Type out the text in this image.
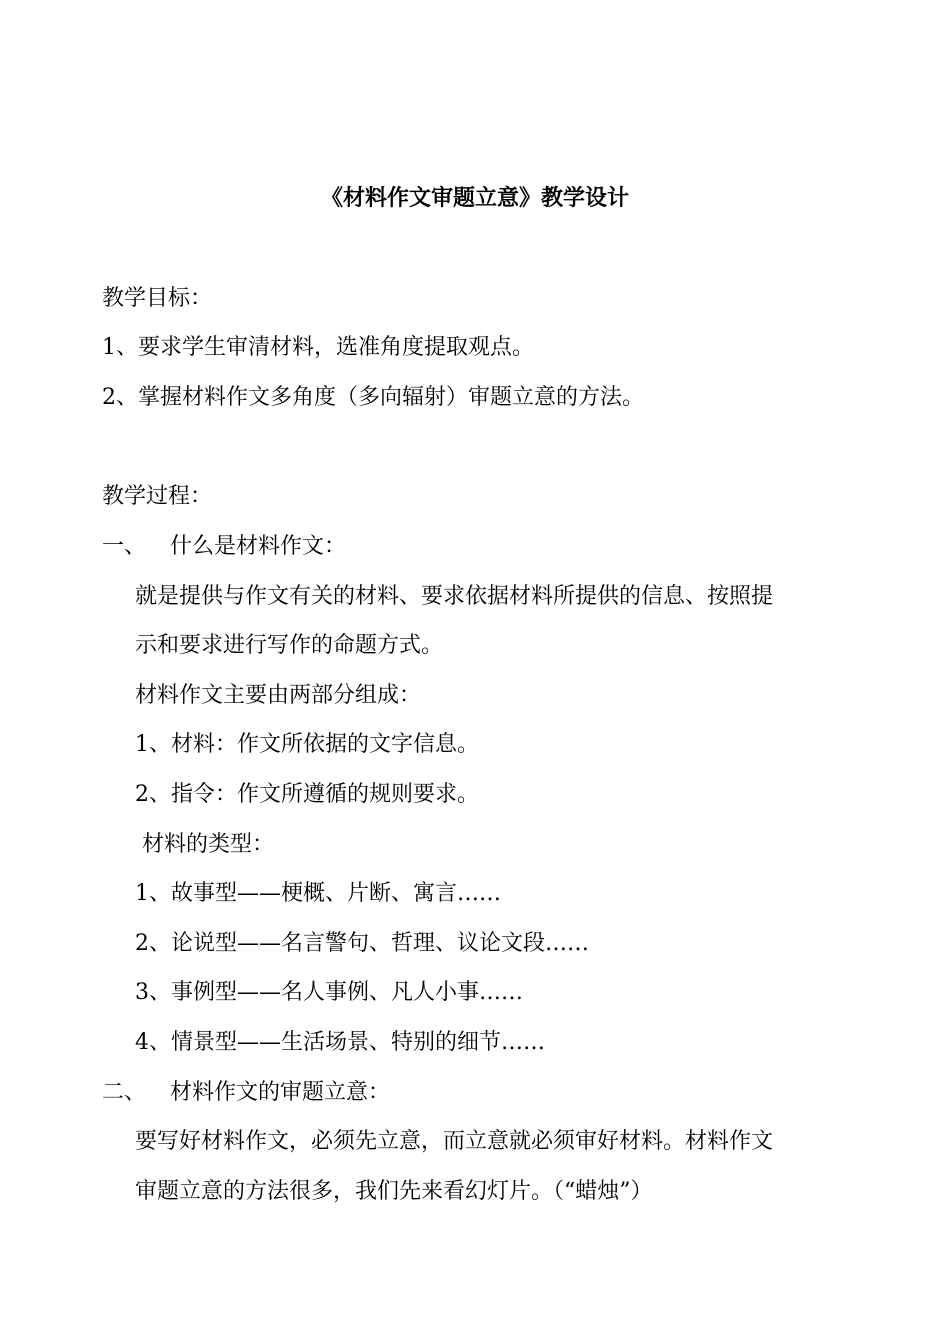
《材料作文审题立意》教学设计
教学目标：
1、要求学生审清材料，选准角度提取观点。
2、掌握材料作文多角度（多向辐射）审题立意的方法。
教学过程：
一、 什么是材料作文：
就是提供与作文有关的材料、要求依据材料所提供的信息、按照提
示和要求进行写作的命题方式。
材料作文主要由两部分组成：
1、材料：作文所依据的文字信息。
2、指令：作文所遵循的规则要求。
材料的类型：
1、故事型——梗概、片断、寓言……
2、论说型——名言警句、哲理、议论文段……
3、事例型——名人事例、凡人小事……
4、情景型——生活场景、特别的细节……
二、 材料作文的审题立意：
要写好材料作文，必须先立意，而立意就必须审好材料。材料作文
审题立意的方法很多，我们先来看幻灯片。（“蜡烛”）
